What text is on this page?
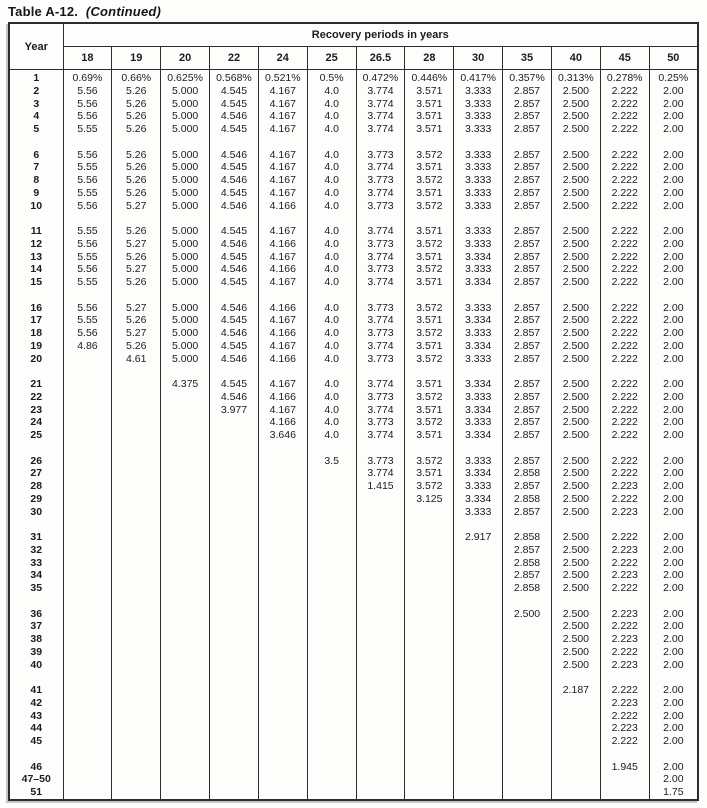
Table A-12. (Continued)
Year	Recovery periods in years												
	18	19	20	22	24	25	26.5	28	30	35	40	45	50
1	0.69%	0.66%	0.625%	0.568%	0.521%	0.5%	0.472%	0.446%	0.417%	0.357%	0.313%	0.278%	0.25%
2	5.56	5.26	5.000	4.545	4.167	4.0	3.774	3.571	3.333	2.857	2.500	2.222	2.00
3	5.56	5.26	5.000	4.545	4.167	4.0	3.774	3.571	3.333	2.857	2.500	2.222	2.00
4	5.56	5.26	5.000	4.546	4.167	4.0	3.774	3.571	3.333	2.857	2.500	2.222	2.00
5	5.55	5.26	5.000	4.545	4.167	4.0	3.774	3.571	3.333	2.857	2.500	2.222	2.00

6	5.56	5.26	5.000	4.546	4.167	4.0	3.773	3.572	3.333	2.857	2.500	2.222	2.00
7	5.55	5.26	5.000	4.545	4.167	4.0	3.774	3.571	3.333	2.857	2.500	2.222	2.00
8	5.56	5.26	5.000	4.546	4.167	4.0	3.773	3.572	3.333	2.857	2.500	2.222	2.00
9	5.55	5.26	5.000	4.545	4.167	4.0	3.774	3.571	3.333	2.857	2.500	2.222	2.00
10	5.56	5.27	5.000	4.546	4.166	4.0	3.773	3.572	3.333	2.857	2.500	2.222	2.00

11	5.55	5.26	5.000	4.545	4.167	4.0	3.774	3.571	3.333	2.857	2.500	2.222	2.00
12	5.56	5.27	5.000	4.546	4.166	4.0	3.773	3.572	3.333	2.857	2.500	2.222	2.00
13	5.55	5.26	5.000	4.545	4.167	4.0	3.774	3.571	3.334	2.857	2.500	2.222	2.00
14	5.56	5.27	5.000	4.546	4.166	4.0	3.773	3.572	3.333	2.857	2.500	2.222	2.00
15	5.55	5.26	5.000	4.545	4.167	4.0	3.774	3.571	3.334	2.857	2.500	2.222	2.00

16	5.56	5.27	5.000	4.546	4.166	4.0	3.773	3.572	3.333	2.857	2.500	2.222	2.00
17	5.55	5.26	5.000	4.545	4.167	4.0	3.774	3.571	3.334	2.857	2.500	2.222	2.00
18	5.56	5.27	5.000	4.546	4.166	4.0	3.773	3.572	3.333	2.857	2.500	2.222	2.00
19	4.86	5.26	5.000	4.545	4.167	4.0	3.774	3.571	3.334	2.857	2.500	2.222	2.00
20		4.61	5.000	4.546	4.166	4.0	3.773	3.572	3.333	2.857	2.500	2.222	2.00

21			4.375	4.545	4.167	4.0	3.774	3.571	3.334	2.857	2.500	2.222	2.00
22				4.546	4.166	4.0	3.773	3.572	3.333	2.857	2.500	2.222	2.00
23				3.977	4.167	4.0	3.774	3.571	3.334	2.857	2.500	2.222	2.00
24					4.166	4.0	3.773	3.572	3.333	2.857	2.500	2.222	2.00
25					3.646	4.0	3.774	3.571	3.334	2.857	2.500	2.222	2.00

26						3.5	3.773	3.572	3.333	2.857	2.500	2.222	2.00
27							3.774	3.571	3.334	2.858	2.500	2.222	2.00
28							1.415	3.572	3.333	2.857	2.500	2.223	2.00
29								3.125	3.334	2.858	2.500	2.222	2.00
30									3.333	2.857	2.500	2.223	2.00

31									2.917	2.858	2.500	2.222	2.00
32										2.857	2.500	2.223	2.00
33										2.858	2.500	2.222	2.00
34										2.857	2.500	2.223	2.00
35										2.858	2.500	2.222	2.00

36										2.500	2.500	2.223	2.00
37											2.500	2.222	2.00
38											2.500	2.223	2.00
39											2.500	2.222	2.00
40											2.500	2.223	2.00

41											2.187	2.222	2.00
42												2.223	2.00
43												2.222	2.00
44												2.223	2.00
45												2.222	2.00

46												1.945	2.00
47–50													2.00
51													1.75
